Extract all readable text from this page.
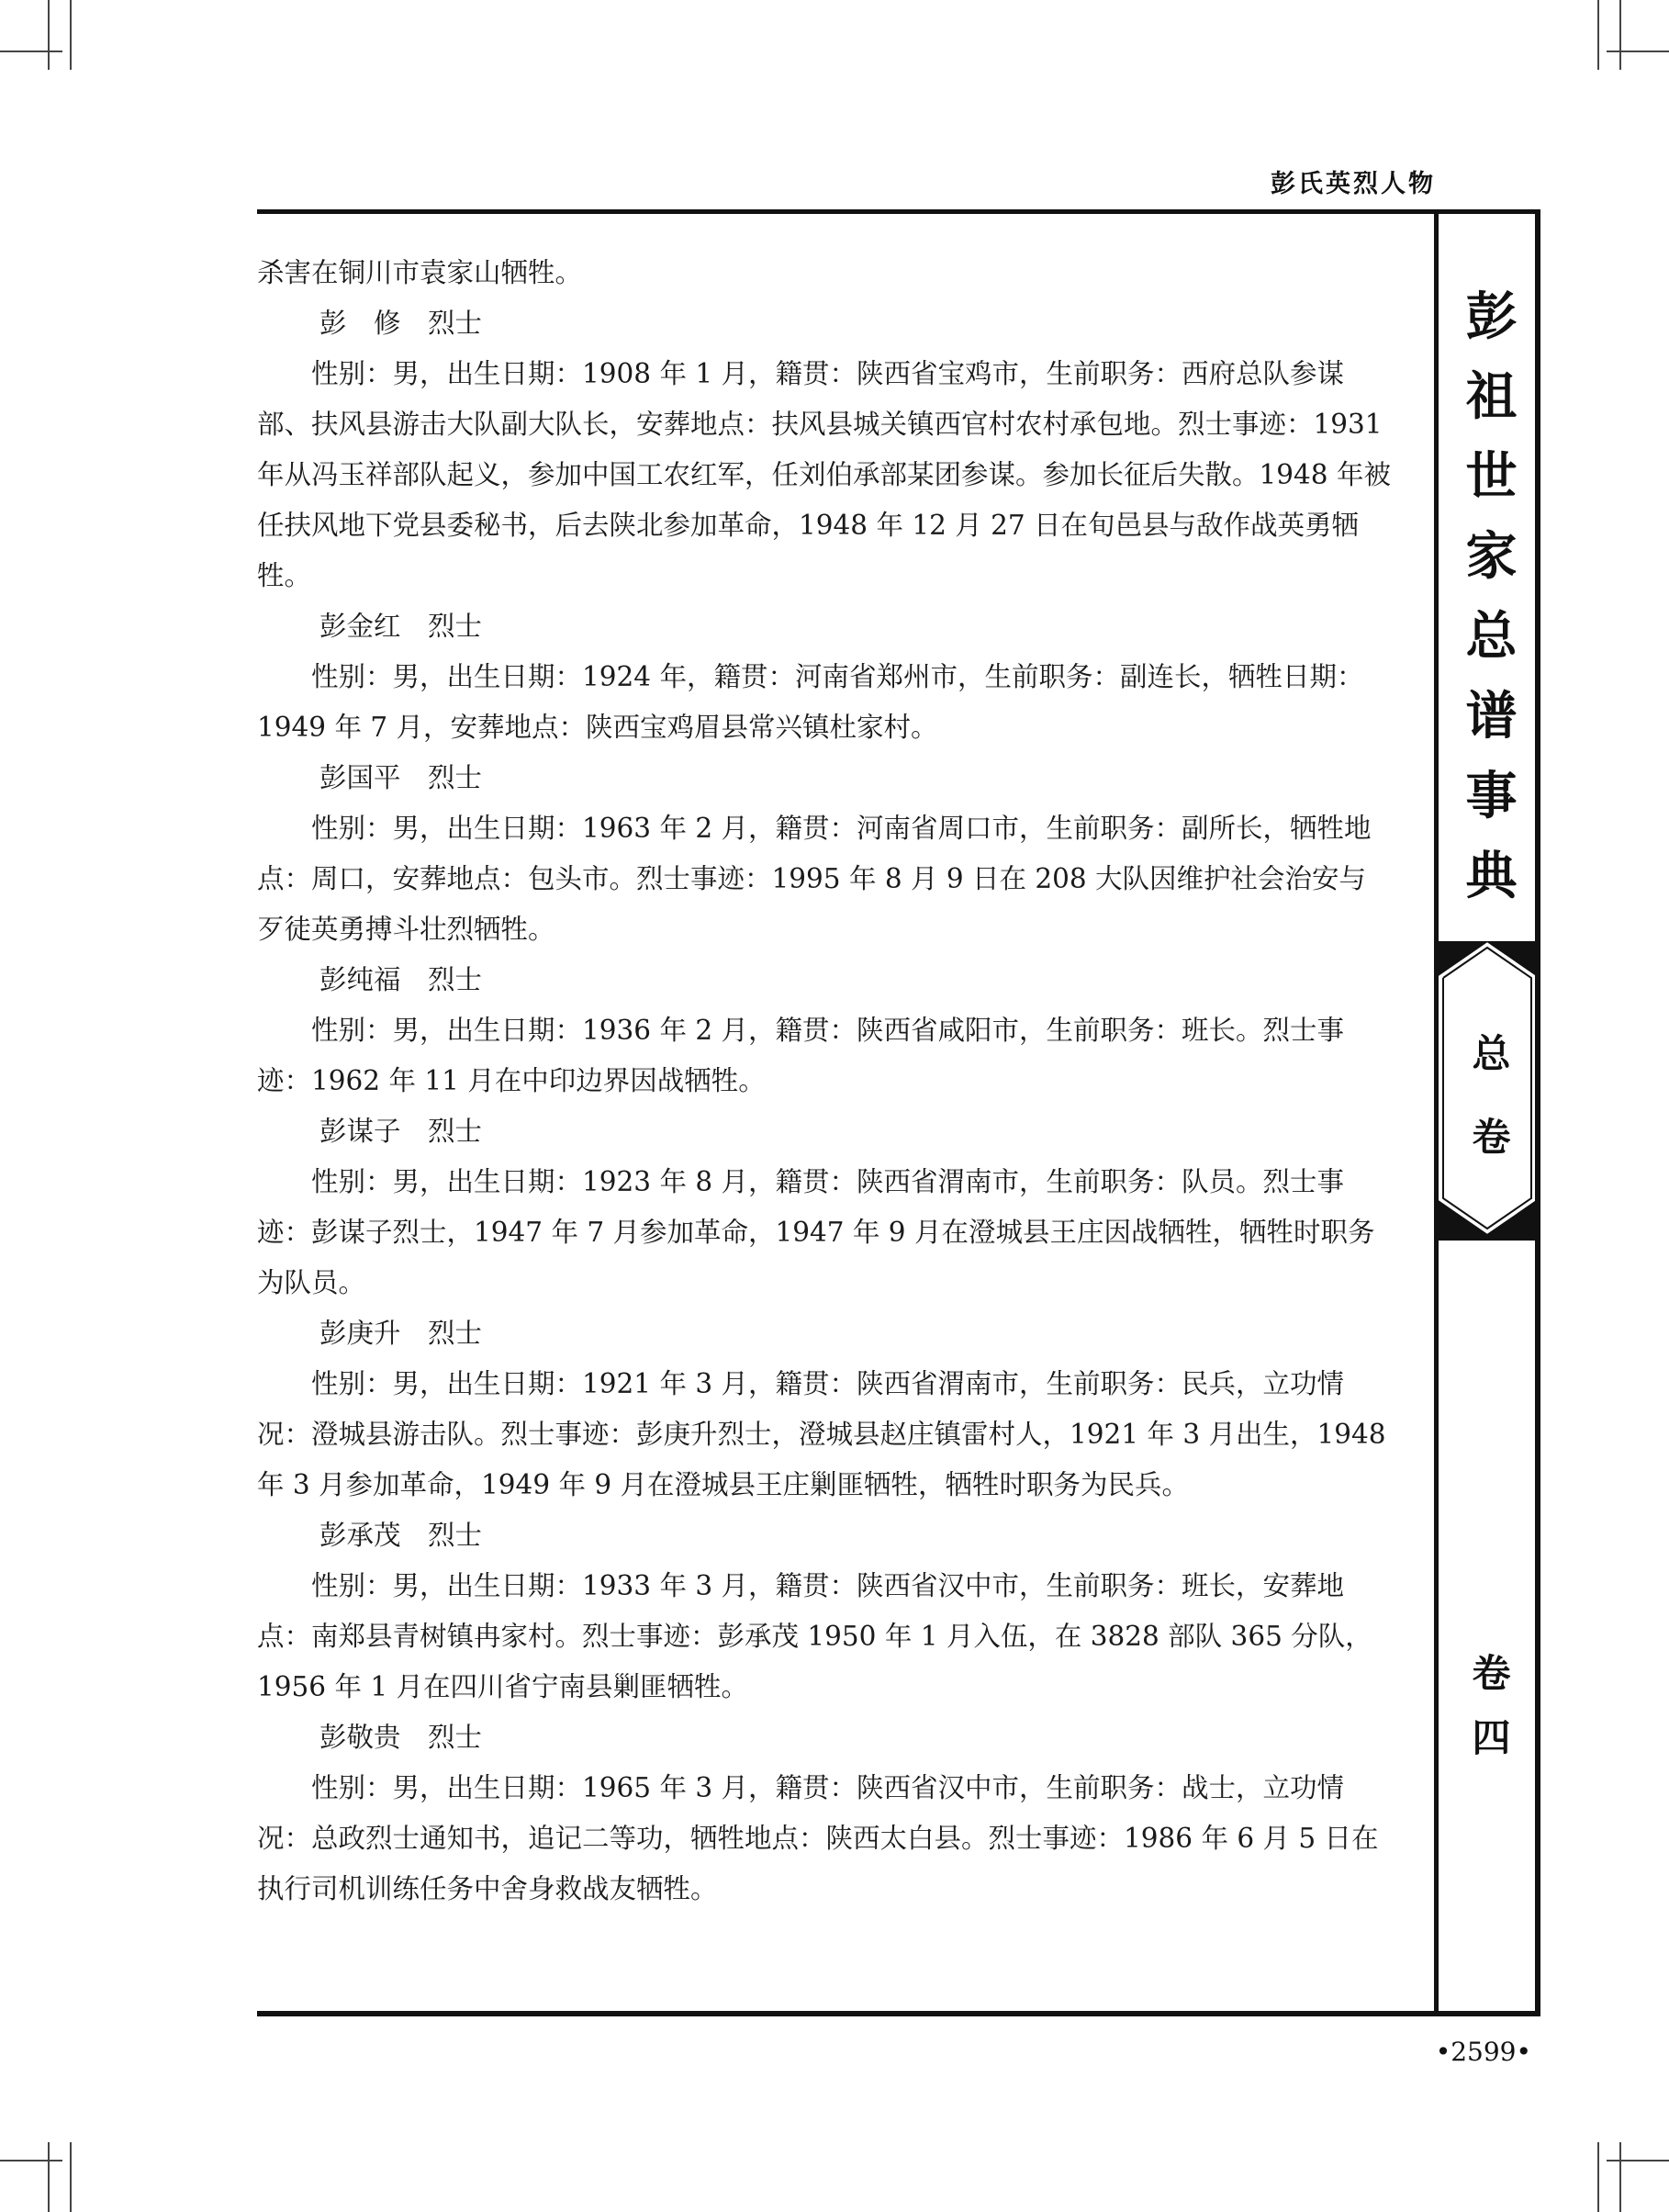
彭氏英烈人物
彭
祖
世
家
总
谱
事
典
总
卷
卷
四

杀害在铜川市袁家山牺牲。

彭　修　烈士

性别：男，出生日期：1908 年 1 月，籍贯：陕西省宝鸡市，生前职务：西府总队参谋部、扶风县游击大队副大队长，安葬地点：扶风县城关镇西官村农村承包地。烈士事迹：1931 年从冯玉祥部队起义，参加中国工农红军，任刘伯承部某团参谋。参加长征后失散。1948 年被任扶风地下党县委秘书，后去陕北参加革命，1948 年 12 月 27 日在旬邑县与敌作战英勇牺牲。

彭金红　烈士

性别：男，出生日期：1924 年，籍贯：河南省郑州市，生前职务：副连长，牺牲日期：1949 年 7 月，安葬地点：陕西宝鸡眉县常兴镇杜家村。

彭国平　烈士

性别：男，出生日期：1963 年 2 月，籍贯：河南省周口市，生前职务：副所长，牺牲地点：周口，安葬地点：包头市。烈士事迹：1995 年 8 月 9 日在 208 大队因维护社会治安与歹徒英勇搏斗壮烈牺牲。

彭纯福　烈士

性别：男，出生日期：1936 年 2 月，籍贯：陕西省咸阳市，生前职务：班长。烈士事迹：1962 年 11 月在中印边界因战牺牲。

彭谋子　烈士

性别：男，出生日期：1923 年 8 月，籍贯：陕西省渭南市，生前职务：队员。烈士事迹：彭谋子烈士，1947 年 7 月参加革命，1947 年 9 月在澄城县王庄因战牺牲，牺牲时职务为队员。

彭庚升　烈士

性别：男，出生日期：1921 年 3 月，籍贯：陕西省渭南市，生前职务：民兵，立功情况：澄城县游击队。烈士事迹：彭庚升烈士，澄城县赵庄镇雷村人，1921 年 3 月出生，1948 年 3 月参加革命，1949 年 9 月在澄城县王庄剿匪牺牲，牺牲时职务为民兵。

彭承茂　烈士

性别：男，出生日期：1933 年 3 月，籍贯：陕西省汉中市，生前职务：班长，安葬地点：南郑县青树镇冉家村。烈士事迹：彭承茂 1950 年 1 月入伍，在 3828 部队 365 分队，1956 年 1 月在四川省宁南县剿匪牺牲。

彭敬贵　烈士

性别：男，出生日期：1965 年 3 月，籍贯：陕西省汉中市，生前职务：战士，立功情况：总政烈士通知书，追记二等功，牺牲地点：陕西太白县。烈士事迹：1986 年 6 月 5 日在执行司机训练任务中舍身救战友牺牲。

•2599•
